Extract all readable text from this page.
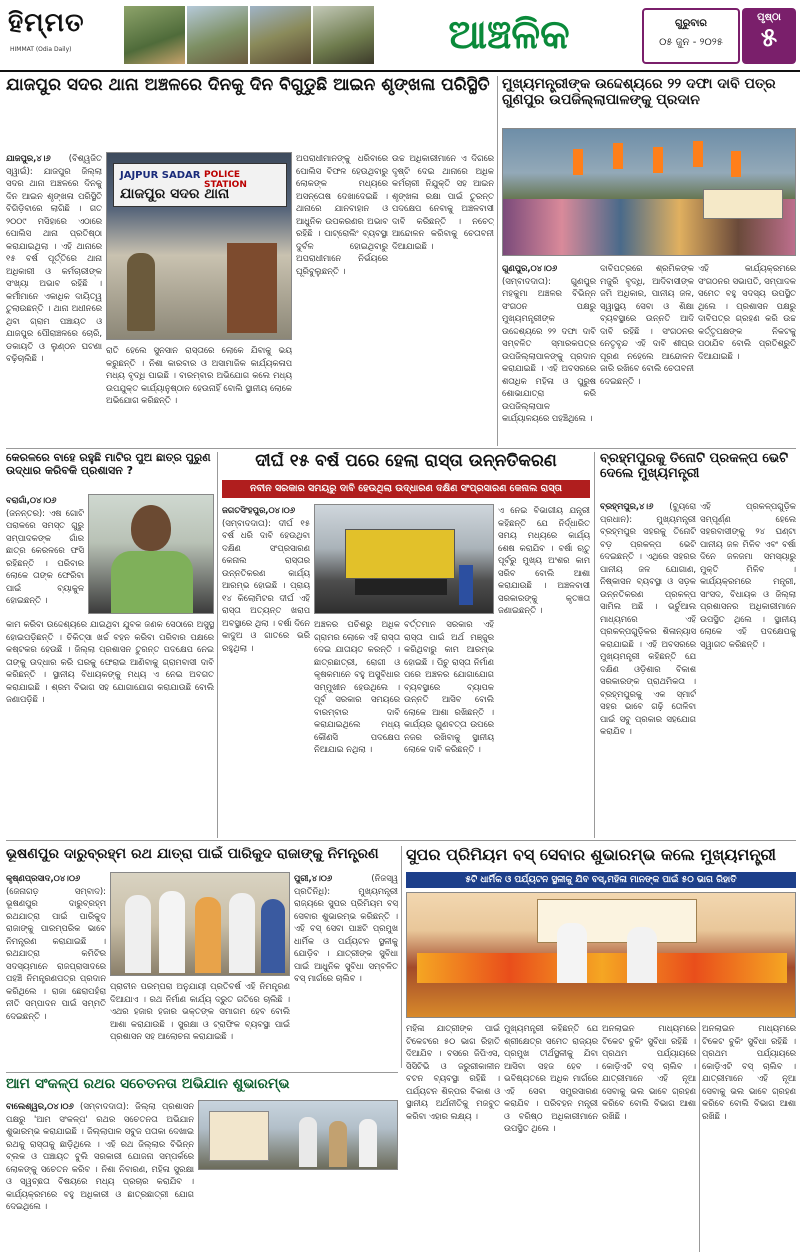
ହିମ୍ମତ
HIMMAT (Odia Daily)	ଆଞ୍ଚଳିକ	ଗୁରୁବାର
୦୫ ଜୁନ - ୨୦୨୫
ପୃଷ୍ଠା
୫
ଯାଜପୁର ସଦର ଥାନା ଅଞ୍ଚଳରେ ଦିନକୁ ଦିନ ବିଗୁଡୁଛି ଆଇନ ଶୃଙ୍ଖଳା ପରିସ୍ଥିତି
ଯାଜପୁର,୪।୬ (ବିଶ୍ୱଜିତ ସ୍ୱାଇଁ): ଯାଜପୁର ଜିଲ୍ଲା ସଦର ଥାନା ଅଞ୍ଚଳରେ ଦିନକୁ ଦିନ ଆଇନ ଶୃଙ୍ଖଳା ପରିସ୍ଥିତି ବିଗିଡ଼ିବାରେ ଲାଗିଛି । ଗତ ୨୦୦୯ ମସିହାରେ ଏଠାରେ ପୋଲିସ ଥାନା ପ୍ରତିଷ୍ଠା କରାଯାଇଥିଲା । ଏହି ଥାନାରେ ୧୫ ବର୍ଷ ପୂର୍ତ୍ତିରେ ଥାନା ଅଧିକାରୀ ଓ କର୍ମଚାରୀଙ୍କ ସଂଖ୍ୟା ଅଭାବ ରହିଛି । କର୍ମୀମାନେ ଏକାଧିକ ଦାୟିତ୍ୱ ତୁଲାଉଛନ୍ତି । ଥାନା ଅଧୀନରେ ଥିବା ଗ୍ରାମ ପଞ୍ଚାୟତ ଓ ଯାଜପୁର ପୌରାଞ୍ଚଳରେ ଚୋରି, ଡକାୟତି ଓ ଲୁଣ୍ଠନ ଘଟଣା ବଢ଼ିଚାଲିଛି ।
JAJPUR SADAR POLICE STATION
ଯାଜପୁର ସଦର ଥାନା
ରାତି ହେଲେ ସୁନସାନ ରାସ୍ତାରେ ଲୋକେ ଯିବାକୁ ଭୟ କରୁଛନ୍ତି । ନିଶା କାରବାର ଓ ଅସାମାଜିକ କାର୍ଯ୍ୟକଳାପ ମଧ୍ୟ ବୃଦ୍ଧି ପାଇଛି । ବାରମ୍ବାର ଅଭିଯୋଗ କଲେ ମଧ୍ୟ ଉପଯୁକ୍ତ କାର୍ଯ୍ୟାନୁଷ୍ଠାନ ହେଉନାହିଁ ବୋଲି ସ୍ଥାନୀୟ ଲୋକେ ଅଭିଯୋଗ କରିଛନ୍ତି ।
ଅପରାଧୀମାନଙ୍କୁ ଧରିବାରେ ପୋଲିସ ବିଫଳ ହେଉଥିବାରୁ ଲୋକଙ୍କ ମଧ୍ୟରେ ଅସନ୍ତୋଷ ଦେଖାଦେଇଛି । ଥାନାରେ ଯାନବାହାନ ଓ ଆଧୁନିକ ଉପକରଣର ଅଭାବ ରହିଛି । ପାଟ୍ରୋଲିଂ ବ୍ୟବସ୍ଥା ଦୁର୍ବଳ ହୋଇଥିବାରୁ ଅପରାଧୀମାନେ ନିର୍ଭୟରେ ଘୂରିବୁଲୁଛନ୍ତି ।
ଉଚ୍ଚ ଅଧିକାରୀମାନେ ଏ ଦିଗରେ ଦୃଷ୍ଟି ଦେଇ ଥାନାରେ ଅଧିକ କର୍ମଚାରୀ ନିଯୁକ୍ତି ସହ ଆଇନ ଶୃଙ୍ଖଳା ରକ୍ଷା ପାଇଁ ତୁରନ୍ତ ପଦକ୍ଷେପ ନେବାକୁ ଅଞ୍ଚଳବାସୀ ଦାବି କରିଛନ୍ତି । ନଚେତ୍ ଆନ୍ଦୋଳନ କରିବାକୁ ଚେତାବନୀ ଦିଆଯାଇଛି ।
ମୁଖ୍ୟମନ୍ତ୍ରୀଙ୍କ ଉଦ୍ଦେଶ୍ୟରେ ୨୨ ଦଫା ଦାବି ପତ୍ର ଗୁଣପୁର ଉପଜିଲ୍ଲାପାଳଙ୍କୁ ପ୍ରଦାନ
ଗୁଣପୁର,୦୪।୦୬ (ସମ୍ବାଦଦାତା): ଗୁଣପୁର ମହକୁମା ଅଞ୍ଚଳର ବିଭିନ୍ନ ସଂଗଠନ ପକ୍ଷରୁ ମୁଖ୍ୟମନ୍ତ୍ରୀଙ୍କ ଉଦ୍ଦେଶ୍ୟରେ ୨୨ ଦଫା ଦାବି ସମ୍ବଳିତ ସ୍ମାରକପତ୍ର ଉପଜିଲ୍ଲାପାଳଙ୍କୁ ପ୍ରଦାନ କରାଯାଇଛି । ଏହି ଅବସରରେ ଶତାଧିକ ମହିଳା ଓ ପୁରୁଷ ଶୋଭାଯାତ୍ରା କରି ଉପଜିଲ୍ଲାପାଳ କାର୍ଯ୍ୟାଳୟରେ ପହଞ୍ଚିଥିଲେ ।
ଦାବିପତ୍ରରେ ଶ୍ରମିକଙ୍କ ମଜୁରି ବୃଦ୍ଧି, ଆଦିବାସୀଙ୍କ ଜମି ଅଧିକାର, ପାନୀୟ ଜଳ, ସ୍ୱାସ୍ଥ୍ୟ ସେବା ଓ ଶିକ୍ଷା ବ୍ୟବସ୍ଥାରେ ଉନ୍ନତି ଆଦି ଦାବି ରହିଛି । ସଂଗଠନର ନେତୃବୃନ୍ଦ ଏହି ଦାବି ଶୀଘ୍ର ପୂରଣ ନହେଲେ ଆନ୍ଦୋଳନ ଜାରି ରଖିବେ ବୋଲି ଚେତାବନୀ ଦେଇଛନ୍ତି ।
ଏହି କାର୍ଯ୍ୟକ୍ରମରେ ସଂଗଠନର ସଭାପତି, ସମ୍ପାଦକ ସମେତ ବହୁ ସଦସ୍ୟ ଉପସ୍ଥିତ ଥିଲେ । ପ୍ରଶାସନ ପକ୍ଷରୁ ଦାବିପତ୍ର ଗ୍ରହଣ କରି ଉଚ୍ଚ କର୍ତ୍ତୃପକ୍ଷଙ୍କ ନିକଟକୁ ପଠାଯିବ ବୋଲି ପ୍ରତିଶ୍ରୁତି ଦିଆଯାଇଛି ।
କେରଳରେ ବାହେ ରହୁଛି ମାଟିର ପୁଅ ଛାତ୍ର ପୁରୁଣ ଉଦ୍ଧାର କରିବକି ପ୍ରଶାସନ ?
ବରାଗାଁ,୦୪।୦୬ (ଜନନ୍ତର): ଏଷ ଗୋଟି ପରାକରେ ସମସ୍ତ ଗୁରୁ ସମ୍ପାଦକଙ୍କ ଗାଁର ଛାତ୍ର କେରଳରେ ଫସି ରହିଛନ୍ତି । ପରିବାର ଲୋକେ ତାଙ୍କ ଫେରିବା ପାଇଁ ବ୍ୟାକୁଳ ହୋଇଛନ୍ତି ।
କାମ କରିବା ଉଦ୍ଦେଶ୍ୟରେ ଯାଇଥିବା ଯୁବକ ଜଣକ ସେଠାରେ ଅସୁସ୍ଥ ହୋଇପଡ଼ିଛନ୍ତି । ଚିକିତ୍ସା ଖର୍ଚ୍ଚ ବହନ କରିବା ପରିବାର ପକ୍ଷରେ କଷ୍ଟକର ହେଉଛି । ଜିଲ୍ଲା ପ୍ରଶାସନ ତୁରନ୍ତ ପଦକ୍ଷେପ ନେଇ ତାଙ୍କୁ ଉଦ୍ଧାର କରି ଘରକୁ ଫେରାଇ ଆଣିବାକୁ ଗ୍ରାମବାସୀ ଦାବି କରିଛନ୍ତି । ସ୍ଥାନୀୟ ବିଧାୟକଙ୍କୁ ମଧ୍ୟ ଏ ନେଇ ଅବଗତ କରାଯାଇଛି । ଶ୍ରମ ବିଭାଗ ସହ ଯୋଗାଯୋଗ କରାଯାଉଛି ବୋଲି ଜଣାପଡ଼ିଛି ।
ଦୀର୍ଘ ୧୫ ବର୍ଷ ପରେ ହେଲା ରାସ୍ତା ଉନ୍ନତିକରଣ
ନବୀନ ସରକାର ସମୟରୁ ଦାବି ହେଉଥିଲା ଉଦ୍ଧାରଣ ଦକ୍ଷିଣ ସଂପ୍ରସାରଣ କେନାଲ ରାସ୍ତା
ଜଗତସିଂହପୁର,୦୪।୦୬ (ସମ୍ବାଦଦାତା): ଦୀର୍ଘ ୧୫ ବର୍ଷ ଧରି ଦାବି ହେଉଥିବା ଦକ୍ଷିଣ ସଂପ୍ରସାରଣ କେନାଲ ରାସ୍ତାର ଉନ୍ନତିକରଣ କାର୍ଯ୍ୟ ଆରମ୍ଭ ହୋଇଛି । ପ୍ରାୟ ୧୪ କିଲୋମିଟର ଦୀର୍ଘ ଏହି ରାସ୍ତା ଅତ୍ୟନ୍ତ ଖରାପ ଅବସ୍ଥାରେ ଥିଲା । ବର୍ଷା ଦିନେ କାଦୁଅ ଓ ଗାତରେ ଭରି ରହୁଥିଲା ।
ଅଞ୍ଚଳର ପଚିଶରୁ ଅଧିକ ଗ୍ରାମର ଲୋକେ ଏହି ରାସ୍ତା ଦେଇ ଯାତାୟତ କରନ୍ତି । ଛାତ୍ରଛାତ୍ରୀ, ରୋଗୀ ଓ କୃଷକମାନେ ବହୁ ଅସୁବିଧାର ସମ୍ମୁଖୀନ ହେଉଥିଲେ । ପୂର୍ବ ସରକାର ସମୟରେ ବାରମ୍ବାର ଦାବି କରାଯାଇଥିଲେ ମଧ୍ୟ କୌଣସି ପଦକ୍ଷେପ ନିଆଯାଇ ନଥିଲା ।
ବର୍ତ୍ତମାନ ସରକାର ଏହି ରାସ୍ତା ପାଇଁ ଅର୍ଥ ମଞ୍ଜୁର କରିଥିବାରୁ କାମ ଆରମ୍ଭ ହୋଇଛି । ପିଚୁ ରାସ୍ତା ନିର୍ମାଣ ପରେ ଅଞ୍ଚଳର ଯୋଗାଯୋଗ ବ୍ୟବସ୍ଥାରେ ବ୍ୟାପକ ଉନ୍ନତି ଆସିବ ବୋଲି ଲୋକେ ଆଶା ରଖିଛନ୍ତି । କାର୍ଯ୍ୟର ଗୁଣବତ୍ତା ଉପରେ ନଜର ରଖିବାକୁ ସ୍ଥାନୀୟ ଲୋକେ ଦାବି କରିଛନ୍ତି ।
ଏ ନେଇ ବିଭାଗୀୟ ଯନ୍ତ୍ରୀ କହିଛନ୍ତି ଯେ ନିର୍ଦ୍ଧାରିତ ସମୟ ମଧ୍ୟରେ କାର୍ଯ୍ୟ ଶେଷ କରାଯିବ । ବର୍ଷା ଋତୁ ପୂର୍ବରୁ ମୁଖ୍ୟ ଅଂଶର କାମ ସରିବ ବୋଲି ଆଶା କରାଯାଉଛି । ଅଞ୍ଚଳବାସୀ ସରକାରଙ୍କୁ କୃତଜ୍ଞତା ଜଣାଇଛନ୍ତି ।
ବ୍ରହ୍ମପୁରକୁ ତିନୋଟି ପ୍ରକଳ୍ପ ଭେଟି ଦେଲେ ମୁଖ୍ୟମନ୍ତ୍ରୀ
ବ୍ରହ୍ମପୁର,୪।୬ (ବ୍ୟୁରୋ ପ୍ରଧାନ): ମୁଖ୍ୟମନ୍ତ୍ରୀ ବ୍ରହ୍ମପୁର ସହରକୁ ତିନୋଟି ବଡ଼ ପ୍ରକଳ୍ପ ଭେଟି ଦେଇଛନ୍ତି । ଏଥିରେ ସହରର ପାନୀୟ ଜଳ ଯୋଗାଣ, ନିଷ୍କାସନ ବ୍ୟବସ୍ଥା ଓ ସଡ଼କ ଉନ୍ନତିକରଣ ପ୍ରକଳ୍ପ ସାମିଲ ଅଛି । ଭର୍ଚୁଆଲ ମାଧ୍ୟମରେ ଏହି ପ୍ରକଳ୍ପଗୁଡ଼ିକର ଶିଳାନ୍ୟାସ କରାଯାଇଛି । ଏହି ଅବସରରେ ମୁଖ୍ୟମନ୍ତ୍ରୀ କହିଛନ୍ତି ଯେ ଦକ୍ଷିଣ ଓଡ଼ିଶାର ବିକାଶ ସରକାରଙ୍କ ପ୍ରାଥମିକତା । ବ୍ରହ୍ମପୁରକୁ ଏକ ସ୍ମାର୍ଟ ସହର ଭାବେ ଗଢ଼ି ତୋଳିବା ପାଇଁ ସବୁ ପ୍ରକାର ସହଯୋଗ କରାଯିବ ।
ଏହି ପ୍ରକଳ୍ପଗୁଡ଼ିକ ସମ୍ପୂର୍ଣ୍ଣ ହେଲେ ସହରବାସୀଙ୍କୁ ୨୪ ଘଣ୍ଟା ପାନୀୟ ଜଳ ମିଳିବ ଏବଂ ବର୍ଷା ଦିନେ ଜଳଜମା ସମସ୍ୟାରୁ ମୁକ୍ତି ମିଳିବ । କାର୍ଯ୍ୟକ୍ରମରେ ମନ୍ତ୍ରୀ, ସାଂସଦ, ବିଧାୟକ ଓ ଜିଲ୍ଲା ପ୍ରଶାସନର ଅଧିକାରୀମାନେ ଉପସ୍ଥିତ ଥିଲେ । ସ୍ଥାନୀୟ ଲୋକେ ଏହି ପଦକ୍ଷେପକୁ ସ୍ୱାଗତ କରିଛନ୍ତି ।
ଭୂଷଣପୁର ଦାରୁବ୍ରହ୍ମ ରଥ ଯାତ୍ରା ପାଇଁ ପାରିକୁଦ ରାଜାଙ୍କୁ ନିମନ୍ତ୍ରଣ
କୃଷ୍ଣପ୍ରସାଦ,୦୪।୦୬ (ଜେନାଗଡ଼ ସମ୍ବାଦ): ଭୂଷଣପୁର ଦାରୁବ୍ରହ୍ମ ରଥଯାତ୍ରା ପାଇଁ ପାରିକୁଦ ରାଜାଙ୍କୁ ପାରମ୍ପରିକ ଭାବେ ନିମନ୍ତ୍ରଣ କରାଯାଇଛି । ରଥଯାତ୍ରା କମିଟିର ସଦସ୍ୟମାନେ ରାଜପ୍ରାସାଦରେ ପହଞ୍ଚି ନିମନ୍ତ୍ରଣପତ୍ର ପ୍ରଦାନ କରିଥିଲେ । ରାଜା ଛେରାପହଁରା ନୀତି ସମ୍ପାଦନ ପାଇଁ ସମ୍ମତି ଦେଇଛନ୍ତି ।
ପ୍ରାଚୀନ ପରମ୍ପରା ଅନୁଯାୟୀ ପ୍ରତିବର୍ଷ ଏହି ନିମନ୍ତ୍ରଣ ଦିଆଯାଏ । ରଥ ନିର୍ମାଣ କାର୍ଯ୍ୟ ଦ୍ରୁତ ଗତିରେ ଚାଲିଛି । ଏଥର ହଜାର ହଜାର ଭକ୍ତଙ୍କ ସମାଗମ ହେବ ବୋଲି ଆଶା କରାଯାଉଛି । ସୁରକ୍ଷା ଓ ଟ୍ରାଫିକ ବ୍ୟବସ୍ଥା ପାଇଁ ପ୍ରଶାସନ ସହ ଆଲୋଚନା କରାଯାଇଛି ।
ସୁପର ପ୍ରିମିୟମ ବସ୍ ସେବାର ଶୁଭାରମ୍ଭ କଲେ ମୁଖ୍ୟମନ୍ତ୍ରୀ
୫ଟି ଧାର୍ମିକ ଓ ପର୍ଯ୍ୟଟନ ସ୍ଥଳୀକୁ ଯିବ ବସ୍,ମହିଳା ମାନଙ୍କ ପାଇଁ ୫୦ ଭାଗ ରିହାତି
ପୁରୀ,୪।୦୬	(ନିଜସ୍ୱ ପ୍ରତିନିଧି): ମୁଖ୍ୟମନ୍ତ୍ରୀ ରାଜ୍ୟରେ ସୁପର ପ୍ରିମିୟମ ବସ୍ ସେବାର ଶୁଭାରମ୍ଭ କରିଛନ୍ତି । ଏହି ବସ୍ ସେବା ପାଞ୍ଚଟି ପ୍ରମୁଖ ଧାର୍ମିକ ଓ ପର୍ଯ୍ୟଟନ ସ୍ଥଳୀକୁ ଯୋଡ଼ିବ । ଯାତ୍ରୀଙ୍କ ସୁବିଧା ପାଇଁ ଆଧୁନିକ ସୁବିଧା ସମ୍ବଳିତ ବସ୍ ମାର୍ଗରେ ଚାଲିବ ।
ମହିଳା ଯାତ୍ରୀଙ୍କ ପାଇଁ ଟିକେଟରେ ୫୦ ଭାଗ ରିହାତି ଦିଆଯିବ । ବସରେ ଜିପିଏସ, ସିସିଟିଭି ଓ ଜରୁରୀକାଳୀନ ବଟନ ବ୍ୟବସ୍ଥା ରହିଛି । ପର୍ଯ୍ୟଟନ ଶିଳ୍ପର ବିକାଶ ଓ ସ୍ଥାନୀୟ ଅର୍ଥନୀତିକୁ ମଜବୁତ କରିବା ଏହାର ଲକ୍ଷ୍ୟ ।
ମୁଖ୍ୟମନ୍ତ୍ରୀ କହିଛନ୍ତି ଯେ ଶ୍ରୀକ୍ଷେତ୍ର ସମେତ ରାଜ୍ୟର ପ୍ରମୁଖ ତୀର୍ଥସ୍ଥଳୀକୁ ଯିବା ଆସିବା ସହଜ ହେବ । ଭବିଷ୍ୟତରେ ଅଧିକ ମାର୍ଗରେ ଏହି ସେବା ସମ୍ପ୍ରସାରଣ କରାଯିବ । ପରିବହନ ମନ୍ତ୍ରୀ ଓ ବରିଷ୍ଠ ଅଧିକାରୀମାନେ ଉପସ୍ଥିତ ଥିଲେ ।
ଅନଲାଇନ ମାଧ୍ୟମରେ ଟିକେଟ ବୁକିଂ ସୁବିଧା ରହିଛି । ପ୍ରଥମ ପର୍ଯ୍ୟାୟରେ କୋଡ଼ିଏଟି ବସ୍ ଚାଲିବ । ଯାତ୍ରୀମାନେ ଏହି ନୂଆ ସେବାକୁ ଭଲ ଭାବେ ଗ୍ରହଣ କରିବେ ବୋଲି ବିଭାଗ ଆଶା ରଖିଛି ।
ଅନଲାଇନ ମାଧ୍ୟମରେ ଟିକେଟ ବୁକିଂ ସୁବିଧା ରହିଛି । ପ୍ରଥମ ପର୍ଯ୍ୟାୟରେ କୋଡ଼ିଏଟି ବସ୍ ଚାଲିବ । ଯାତ୍ରୀମାନେ ଏହି ନୂଆ ସେବାକୁ ଭଲ ଭାବେ ଗ୍ରହଣ କରିବେ ବୋଲି ବିଭାଗ ଆଶା ରଖିଛି ।
ଆମ ସଂକଳ୍ପ ରଥର ସଚେତନତା ଅଭିଯାନ ଶୁଭାରମ୍ଭ
ବାଲେଶ୍ୱର,୦୪।୦୬ (ସମ୍ବାଦଦାତା): ଜିଲ୍ଲା ପ୍ରଶାସନ ପକ୍ଷରୁ 'ଆମ ସଂକଳ୍ପ' ରଥର ସଚେତନତା ଅଭିଯାନ ଶୁଭାରମ୍ଭ କରାଯାଇଛି । ଜିଲ୍ଲାପାଳ ସବୁଜ ପତାକା ଦେଖାଇ ରଥକୁ ରାସ୍ତାକୁ ଛାଡ଼ିଥିଲେ । ଏହି ରଥ ଜିଲ୍ଲାର ବିଭିନ୍ନ ବ୍ଲକ ଓ ପଞ୍ଚାୟତ ବୁଲି ସରକାରୀ ଯୋଜନା ସମ୍ପର୍କରେ ଲୋକଙ୍କୁ ସଚେତନ କରିବ । ନିଶା ନିବାରଣ, ମହିଳା ସୁରକ୍ଷା ଓ ସ୍ୱଚ୍ଛତା ବିଷୟରେ ମଧ୍ୟ ପ୍ରଚାର କରାଯିବ । କାର୍ଯ୍ୟକ୍ରମରେ ବହୁ ଅଧିକାରୀ ଓ ଛାତ୍ରଛାତ୍ରୀ ଯୋଗ ଦେଇଥିଲେ ।
